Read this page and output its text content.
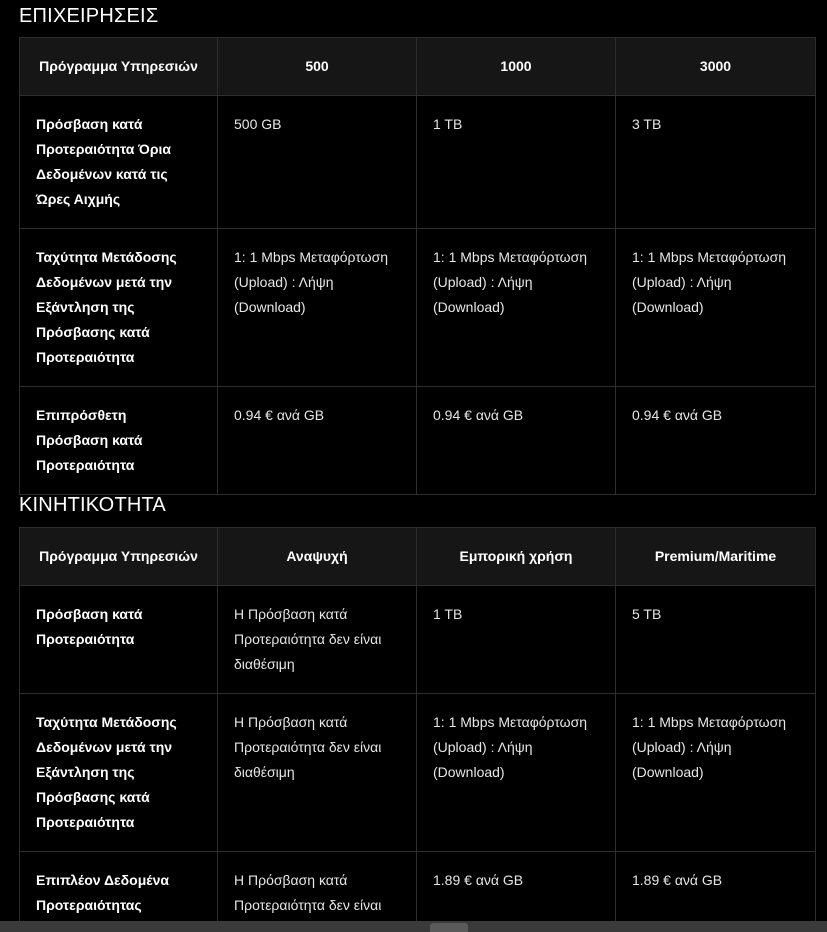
ΕΠΙΧΕΙΡΗΣΕΙΣ
Πρόγραμμα Υπηρεσιών	500	1000	3000
Πρόσβαση κατά Προτεραιότητα Όρια Δεδομένων κατά τις Ώρες Αιχμής	500 GB	1 TB	3 TB
Ταχύτητα Μετάδοσης Δεδομένων μετά την Εξάντληση της Πρόσβασης κατά Προτεραιότητα	1: 1 Mbps Μεταφόρτωση (Upload) : Λήψη (Download)	1: 1 Mbps Μεταφόρτωση (Upload) : Λήψη (Download)	1: 1 Mbps Μεταφόρτωση (Upload) : Λήψη (Download)
Επιπρόσθετη Πρόσβαση κατά Προτεραιότητα	0.94 € ανά GB	0.94 € ανά GB	0.94 € ανά GB
ΚΙΝΗΤΙΚΟΤΗΤΑ
Πρόγραμμα Υπηρεσιών	Αναψυχή	Εμπορική χρήση	Premium/Maritime
Πρόσβαση κατά Προτεραιότητα	Η Πρόσβαση κατά Προτεραιότητα δεν είναι διαθέσιμη	1 TB	5 TB
Ταχύτητα Μετάδοσης Δεδομένων μετά την Εξάντληση της Πρόσβασης κατά Προτεραιότητα	Η Πρόσβαση κατά Προτεραιότητα δεν είναι διαθέσιμη	1: 1 Mbps Μεταφόρτωση (Upload) : Λήψη (Download)	1: 1 Mbps Μεταφόρτωση (Upload) : Λήψη (Download)
Επιπλέον Δεδομένα Προτεραιότητας	Η Πρόσβαση κατά Προτεραιότητα δεν είναι	1.89 € ανά GB	1.89 € ανά GB
